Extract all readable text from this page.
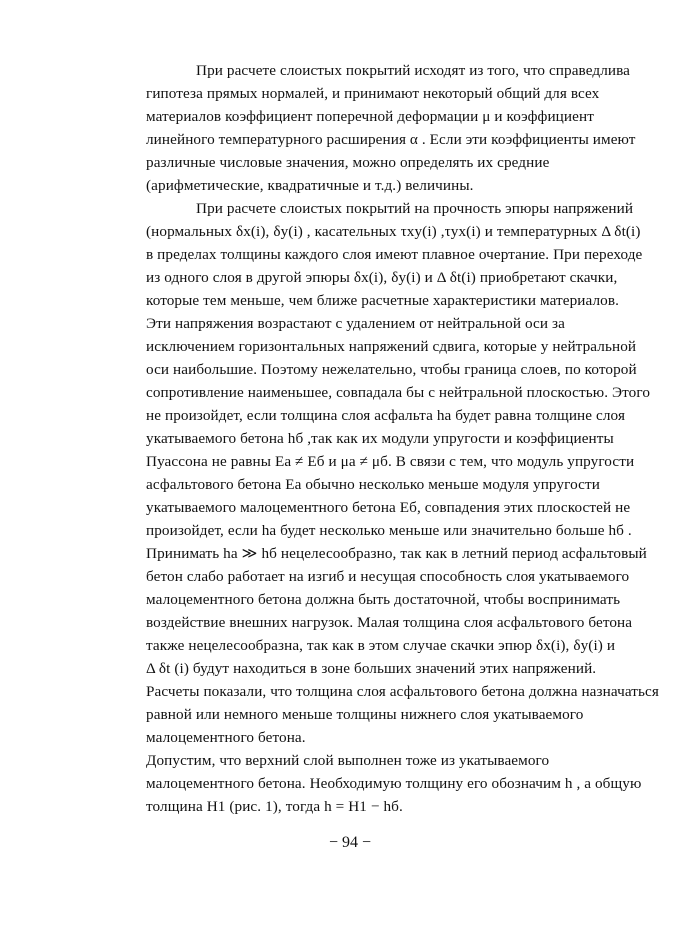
При расчете слоистых покрытий исходят из того, что справедлива
гипотеза прямых нормалей, и принимают некоторый общий для всех
материалов коэффициент поперечной деформации μ и коэффициент
линейного температурного расширения α . Если эти коэффициенты имеют
различные числовые значения, можно определять их средние
(арифметические, квадратичные и т.д.) величины.
При расчете слоистых покрытий на прочность эпюры напряжений
(нормальных δx(i), δy(i) , касательных τxy(i) ,τyx(i) и температурных Δ δt(i)
в пределах толщины каждого слоя имеют плавное очертание. При переходе
из одного слоя в другой эпюры δx(i), δy(i) и Δ δt(i) приобретают скачки,
которые тем меньше, чем ближе расчетные характеристики материалов.
Эти напряжения возрастают с удалением от нейтральной оси за
исключением горизонтальных напряжений сдвига, которые у нейтральной
оси наибольшие. Поэтому нежелательно, чтобы граница слоев, по которой
сопротивление наименьшее, совпадала бы с нейтральной плоскостью. Этого
не произойдет, если толщина слоя асфальта hа будет равна толщине слоя
укатываемого бетона hб ,так как их модули упругости и коэффициенты
Пуассона не равны Еа ≠ Еб и μа ≠ μб. В связи с тем, что модуль упругости
асфальтового бетона Еа обычно несколько меньше модуля упругости
укатываемого малоцементного бетона Еб, совпадения этих плоскостей не
произойдет, если hа будет несколько меньше или значительно больше hб .
Принимать hа ≫ hб нецелесообразно, так как в летний период асфальтовый
бетон слабо работает на изгиб и несущая способность слоя укатываемого
малоцементного бетона должна быть достаточной, чтобы воспринимать
воздействие внешних нагрузок. Малая толщина слоя асфальтового бетона
также нецелесообразна, так как в этом случае скачки эпюр δx(i), δy(i) и
Δ δt (i) будут находиться в зоне больших значений этих напряжений.
Расчеты показали, что толщина слоя асфальтового бетона должна назначаться
равной или немного меньше толщины нижнего слоя укатываемого
малоцементного бетона.
Допустим, что верхний слой выполнен тоже из укатываемого
малоцементного бетона. Необходимую толщину его обозначим h , а общую
толщина H1 (рис. 1), тогда h = H1 − hб.
− 94 −
